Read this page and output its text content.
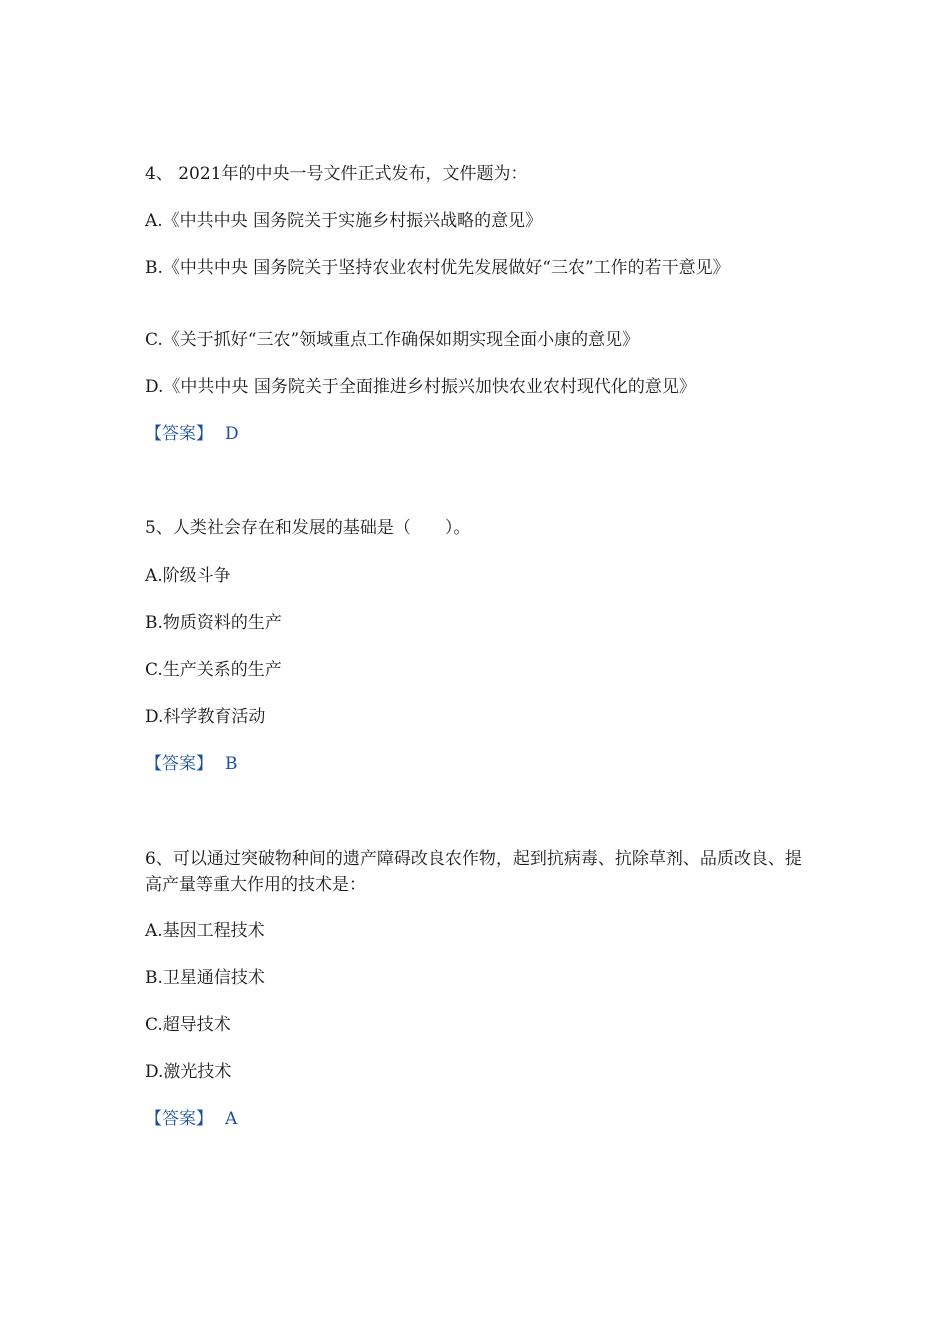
4、 2021年的中央一号文件正式发布，文件题为：
A.《中共中央 国务院关于实施乡村振兴战略的意见》
B.《中共中央 国务院关于坚持农业农村优先发展做好“三农”工作的若干意见》
C.《关于抓好“三农”领域重点工作确保如期实现全面小康的意见》
D.《中共中央 国务院关于全面推进乡村振兴加快农业农村现代化的意见》
【答案】 D
5、人类社会存在和发展的基础是（　　）。
A.阶级斗争
B.物质资料的生产
C.生产关系的生产
D.科学教育活动
【答案】 B
6、可以通过突破物种间的遗产障碍改良农作物，起到抗病毒、抗除草剂、品质改良、提高产量等重大作用的技术是：
A.基因工程技术
B.卫星通信技术
C.超导技术
D.激光技术
【答案】 A
